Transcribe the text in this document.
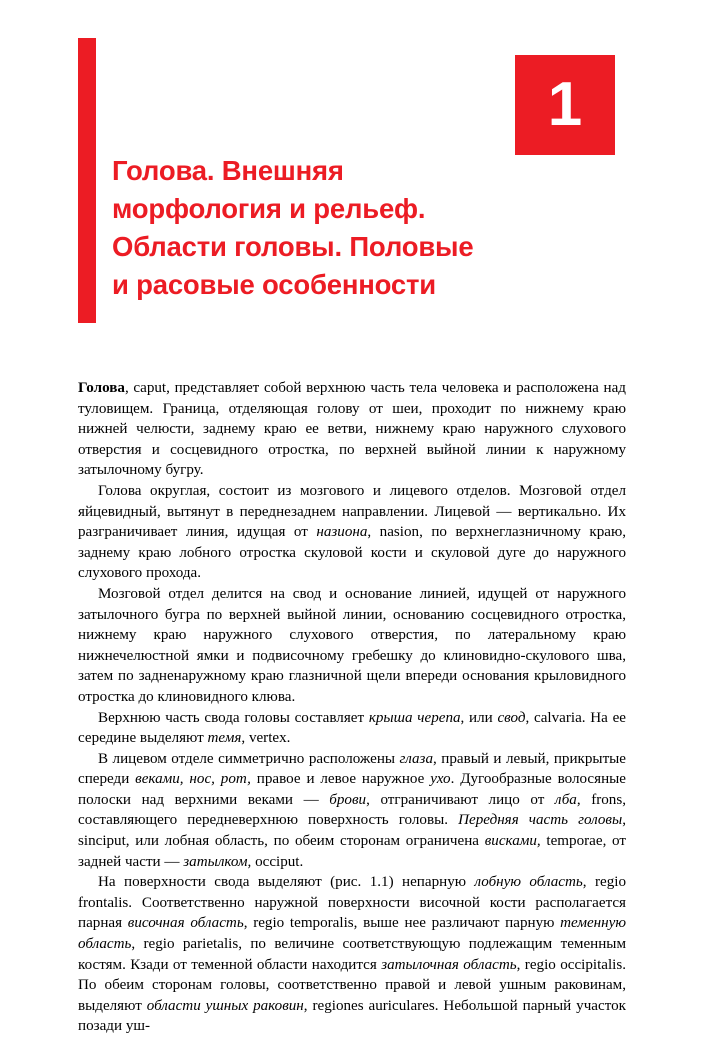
1
Голова. Внешняя
морфология и рельеф.
Области головы. Половые
и расовые особенности

Голова, caput, представляет собой верхнюю часть тела человека и расположена над туловищем. Граница, отделяющая голову от шеи, проходит по нижнему краю нижней челюсти, заднему краю ее ветви, нижнему краю наружного слухового отверстия и сосцевидного отростка, по верхней выйной линии к наружному затылочному бугру.

Голова округлая, состоит из мозгового и лицевого отделов. Мозговой отдел яйцевидный, вытянут в переднезаднем направлении. Лицевой — вертикально. Их разграничивает линия, идущая от назиона, nasion, по верхнеглазничному краю, заднему краю лобного отростка скуловой кости и скуловой дуге до наружного слухового прохода.

Мозговой отдел делится на свод и основание линией, идущей от наружного затылочного бугра по верхней выйной линии, основанию сосцевидного отростка, нижнему краю наружного слухового отверстия, по латеральному краю нижнечелюстной ямки и подвисочному гребешку до клиновидно-скулового шва, затем по задненаружному краю глазничной щели впереди основания крыловидного отростка до клиновидного клюва.

Верхнюю часть свода головы составляет крыша черепа, или свод, calvaria. На ее середине выделяют темя, vertex.

В лицевом отделе симметрично расположены глаза, правый и левый, прикрытые спереди веками, нос, рот, правое и левое наружное ухо. Дугообразные волосяные полоски над верхними веками — брови, отграничивают лицо от лба, frons, составляющего передневерхнюю поверхность головы. Передняя часть головы, sinciput, или лобная область, по обеим сторонам ограничена висками, temporae, от задней части — затылком, occiput.

На поверхности свода выделяют (рис. 1.1) непарную лобную область, regio frontalis. Соответственно наружной поверхности височной кости располагается парная височная область, regio temporalis, выше нее различают парную теменную область, regio parietalis, по величине соответствующую подлежащим теменным костям. Кзади от теменной области находится затылочная область, regio occipitalis. По обеим сторонам головы, соответственно правой и левой ушным раковинам, выделяют области ушных раковин, regiones auriculares. Небольшой парный участок позади уш-
